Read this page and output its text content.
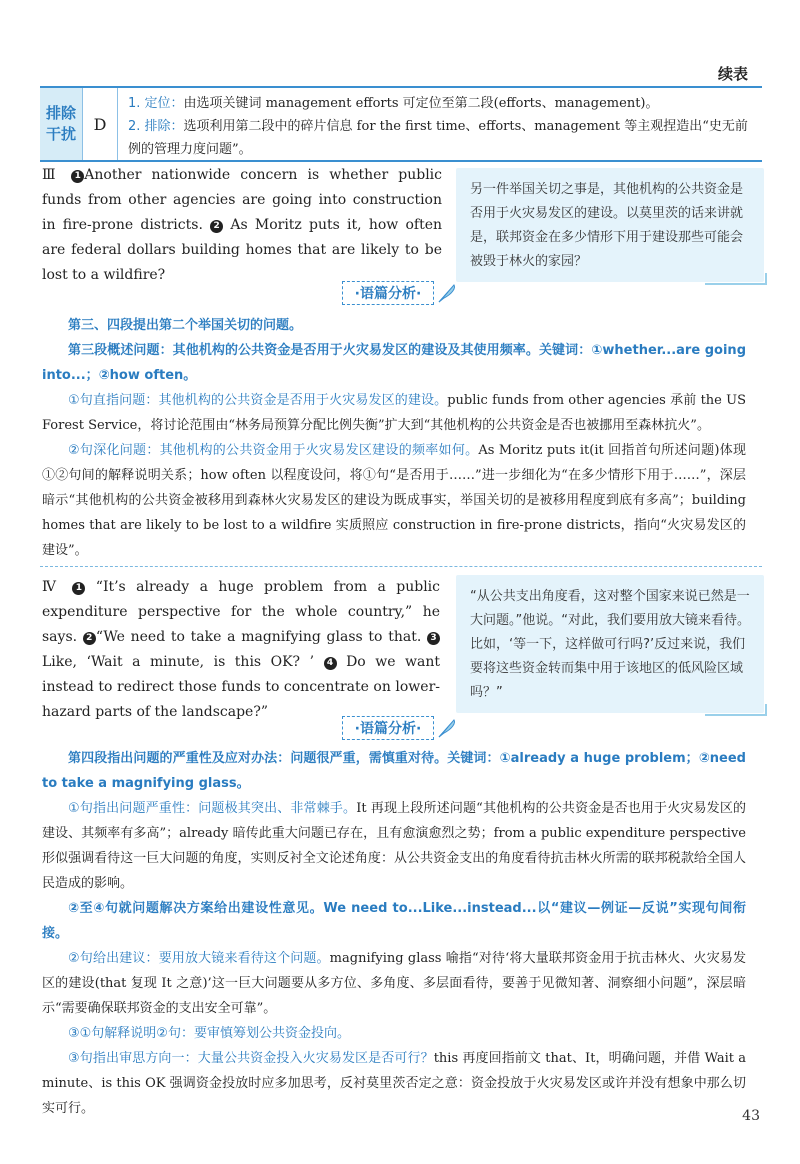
续表
排除干扰
D
1. 定位：由选项关键词 management efforts 可定位至第二段(efforts、management)。
2. 排除：选项利用第二段中的碎片信息 for the first time、efforts、management 等主观捏造出“史无前例的管理力度问题”。
Ⅲ 1 Another nationwide concern is whether public funds from other agencies are going into construction in fire-prone districts. 2 As Moritz puts it, how often are federal dollars building homes that are likely to be lost to a wildfire?
另一件举国关切之事是，其他机构的公共资金是否用于火灾易发区的建设。以莫里茨的话来讲就是，联邦资金在多少情形下用于建设那些可能会被毁于林火的家园？
·语篇分析·

第三、四段提出第二个举国关切的问题。

第三段概述问题：其他机构的公共资金是否用于火灾易发区的建设及其使用频率。关键词：①whether...are going into...；②how often。

①句直指问题：其他机构的公共资金是否用于火灾易发区的建设。public funds from other agencies 承前 the US Forest Service，将讨论范围由“林务局预算分配比例失衡”扩大到“其他机构的公共资金是否也被挪用至森林抗火”。

②句深化问题：其他机构的公共资金用于火灾易发区建设的频率如何。As Moritz puts it(it 回指首句所述问题)体现①②句间的解释说明关系；how often 以程度设问，将①句“是否用于……”进一步细化为“在多少情形下用于……”，深层暗示“其他机构的公共资金被移用到森林火灾易发区的建设为既成事实，举国关切的是被移用程度到底有多高”；building homes that are likely to be lost to a wildfire 实质照应 construction in fire-prone districts，指向“火灾易发区的建设”。

Ⅳ 1 “It’s already a huge problem from a public expenditure perspective for the whole country,” he says. 2 “We need to take a magnifying glass to that. 3Like, ‘Wait a minute, is this OK? ’ 4 Do we want instead to redirect those funds to concentrate on lower-hazard parts of the landscape?”
“从公共支出角度看，这对整个国家来说已然是一大问题。”他说。“对此，我们要用放大镜来看待。比如，‘等一下，这样做可行吗?’反过来说，我们要将这些资金转而集中用于该地区的低风险区域吗？”
·语篇分析·

第四段指出问题的严重性及应对办法：问题很严重，需慎重对待。关键词：①already a huge problem；②need to take a magnifying glass。

①句指出问题严重性：问题极其突出、非常棘手。It 再现上段所述问题“其他机构的公共资金是否也用于火灾易发区的建设、其频率有多高”；already 暗传此重大问题已存在，且有愈演愈烈之势；from a public expenditure perspective 形似强调看待这一巨大问题的角度，实则反衬全文论述角度：从公共资金支出的角度看待抗击林火所需的联邦税款给全国人民造成的影响。

②至④句就问题解决方案给出建设性意见。We need to...Like...instead...以“建议—例证—反说”实现句间衔接。

②句给出建议：要用放大镜来看待这个问题。magnifying glass 喻指“对待‘将大量联邦资金用于抗击林火、火灾易发区的建设(that 复现 It 之意)’这一巨大问题要从多方位、多角度、多层面看待，要善于见微知著、洞察细小问题”，深层暗示“需要确保联邦资金的支出安全可靠”。

③①句解释说明②句：要审慎筹划公共资金投向。

③句指出审思方向一：大量公共资金投入火灾易发区是否可行？this 再度回指前文 that、It，明确问题，并借 Wait a minute、is this OK 强调资金投放时应多加思考，反衬莫里茨否定之意：资金投放于火灾易发区或许并没有想象中那么切实可行。	43
